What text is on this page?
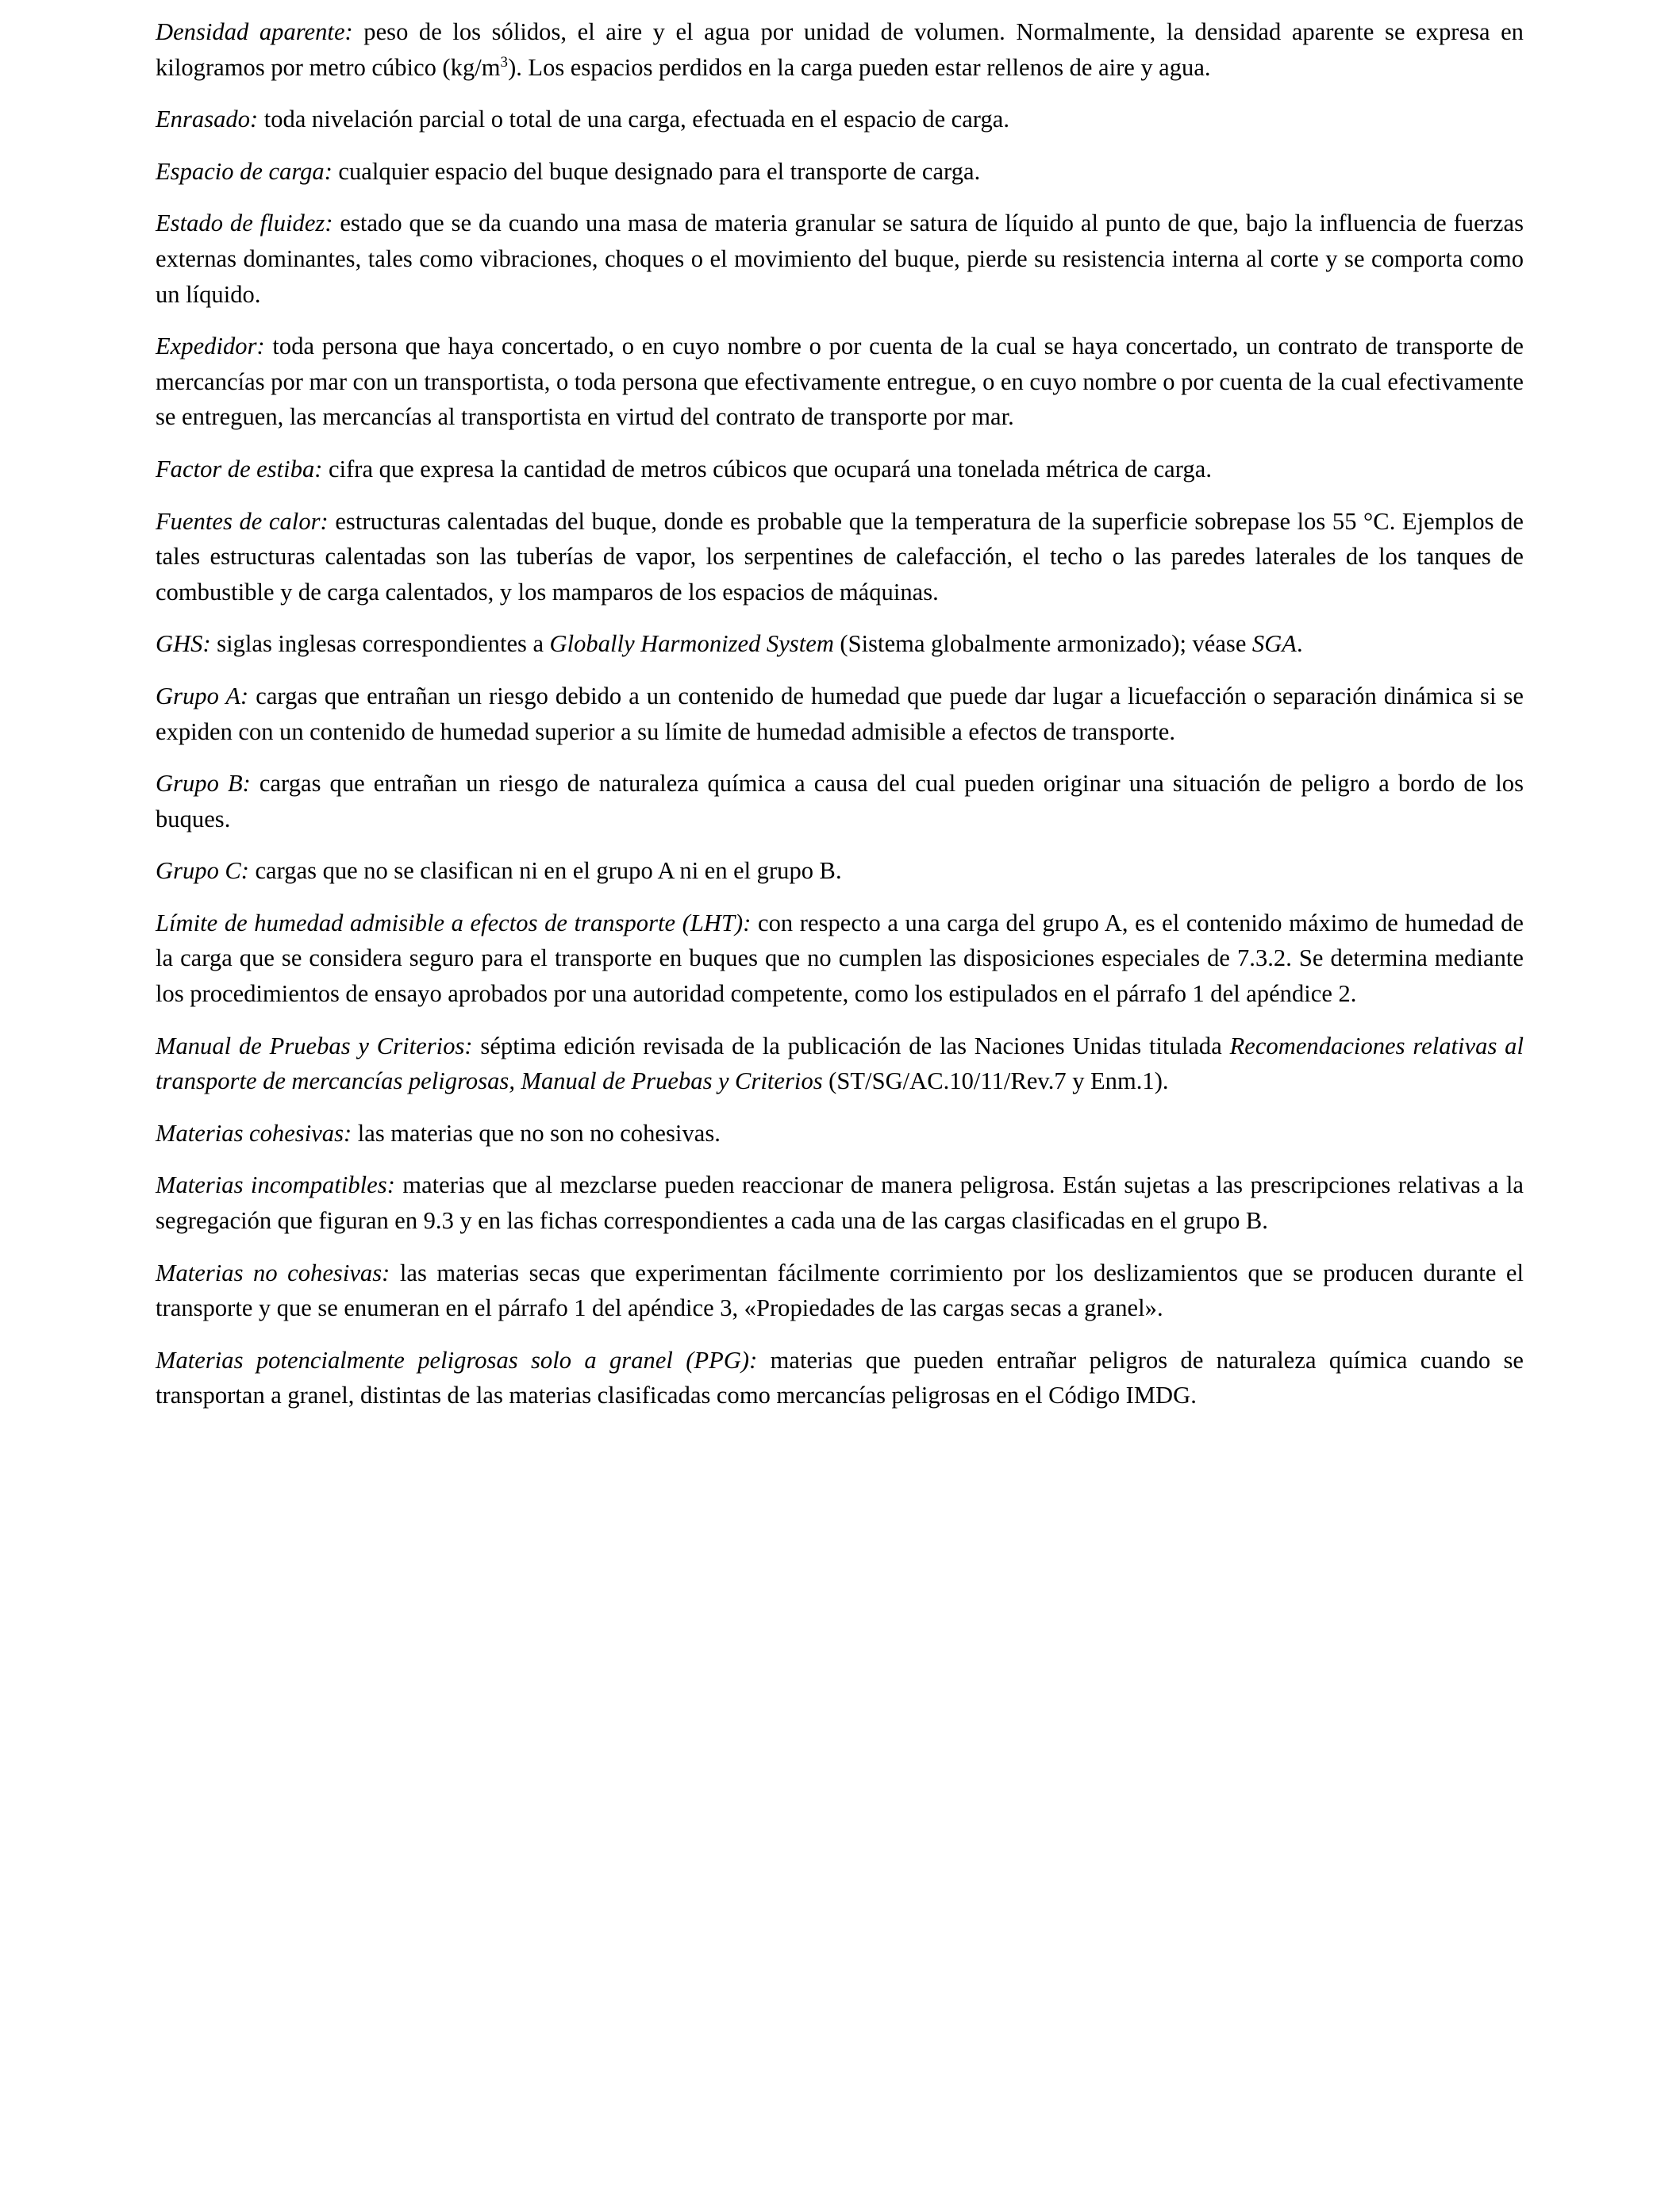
Densidad aparente: peso de los sólidos, el aire y el agua por unidad de volumen. Normalmente, la densidad aparente se expresa en kilogramos por metro cúbico $(kg/m^3)$. Los espacios perdidos en la carga pueden estar rellenos de aire y agua.

Enrasado: toda nivelación parcial o total de una carga, efectuada en el espacio de carga.

Espacio de carga: cualquier espacio del buque designado para el transporte de carga.

Estado de fluidez: estado que se da cuando una masa de materia granular se satura de líquido al punto de que, bajo la influencia de fuerzas externas dominantes, tales como vibraciones, choques o el movimiento del buque, pierde su resistencia interna al corte y se comporta como un líquido.

Expedidor: toda persona que haya concertado, o en cuyo nombre o por cuenta de la cual se haya concertado, un contrato de transporte de mercancías por mar con un transportista, o toda persona que efectivamente entregue, o en cuyo nombre o por cuenta de la cual efectivamente se entreguen, las mercancías al transportista en virtud del contrato de transporte por mar.

Factor de estiba: cifra que expresa la cantidad de metros cúbicos que ocupará una tonelada métrica de carga.

Fuentes de calor: estructuras calentadas del buque, donde es probable que la temperatura de la superficie sobrepase los 55 °C. Ejemplos de tales estructuras calentadas son las tuberías de vapor, los serpentines de calefacción, el techo o las paredes laterales de los tanques de combustible y de carga calentados, y los mamparos de los espacios de máquinas.

GHS: siglas inglesas correspondientes a Globally Harmonized System (Sistema globalmente armonizado); véase SGA.

Grupo A: cargas que entrañan un riesgo debido a un contenido de humedad que puede dar lugar a licuefacción o separación dinámica si se expiden con un contenido de humedad superior a su límite de humedad admisible a efectos de transporte.

Grupo B: cargas que entrañan un riesgo de naturaleza química a causa del cual pueden originar una situación de peligro a bordo de los buques.

Grupo C: cargas que no se clasifican ni en el grupo A ni en el grupo B.

Límite de humedad admisible a efectos de transporte (LHT): con respecto a una carga del grupo A, es el contenido máximo de humedad de la carga que se considera seguro para el transporte en buques que no cumplen las disposiciones especiales de 7.3.2. Se determina mediante los procedimientos de ensayo aprobados por una autoridad competente, como los estipulados en el párrafo 1 del apéndice 2.

Manual de Pruebas y Criterios: séptima edición revisada de la publicación de las Naciones Unidas titulada Recomendaciones relativas al transporte de mercancías peligrosas, Manual de Pruebas y Criterios (ST/SG/AC.10/11/Rev.7 y Enm.1).

Materias cohesivas: las materias que no son no cohesivas.

Materias incompatibles: materias que al mezclarse pueden reaccionar de manera peligrosa. Están sujetas a las prescripciones relativas a la segregación que figuran en 9.3 y en las fichas correspondientes a cada una de las cargas clasificadas en el grupo B.

Materias no cohesivas: las materias secas que experimentan fácilmente corrimiento por los deslizamientos que se producen durante el transporte y que se enumeran en el párrafo 1 del apéndice 3, «Propiedades de las cargas secas a granel».

Materias potencialmente peligrosas solo a granel (PPG): materias que pueden entrañar peligros de naturaleza química cuando se transportan a granel, distintas de las materias clasificadas como mercancías peligrosas en el Código IMDG.
